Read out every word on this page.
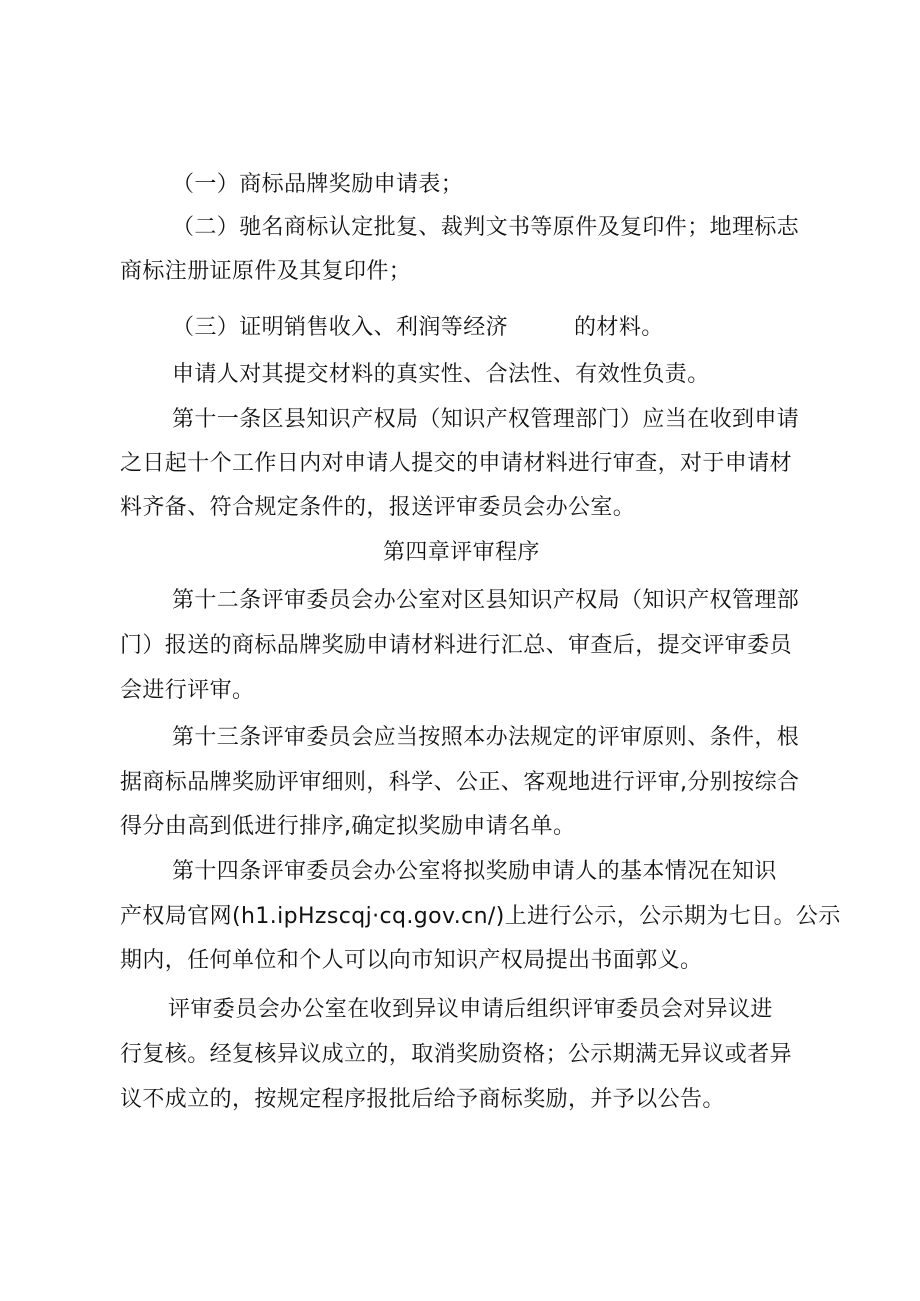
（一）商标品牌奖励申请表；
（二）驰名商标认定批复、裁判文书等原件及复印件；地理标志
商标注册证原件及其复印件；
（三）证明销售收入、利润等经济	的材料。
申请人对其提交材料的真实性、合法性、有效性负责。
第十一条区县知识产权局（知识产权管理部门）应当在收到申请
之日起十个工作日内对申请人提交的申请材料进行审查，对于申请材
料齐备、符合规定条件的，报送评审委员会办公室。
第四章评审程序
第十二条评审委员会办公室对区县知识产权局（知识产权管理部
门）报送的商标品牌奖励申请材料进行汇总、审查后，提交评审委员
会进行评审。
第十三条评审委员会应当按照本办法规定的评审原则、条件，根
据商标品牌奖励评审细则，科学、公正、客观地进行评审,分别按综合
得分由高到低进行排序,确定拟奖励申请名单。
第十四条评审委员会办公室将拟奖励申请人的基本情况在知识
产权局官网(h1.ipHzscqj·cq.gov.cn/)上进行公示，公示期为七日。公示
期内，任何单位和个人可以向市知识产权局提出书面郭义。
评审委员会办公室在收到异议申请后组织评审委员会对异议进
行复核。经复核异议成立的，取消奖励资格；公示期满无异议或者异
议不成立的，按规定程序报批后给予商标奖励，并予以公告。
